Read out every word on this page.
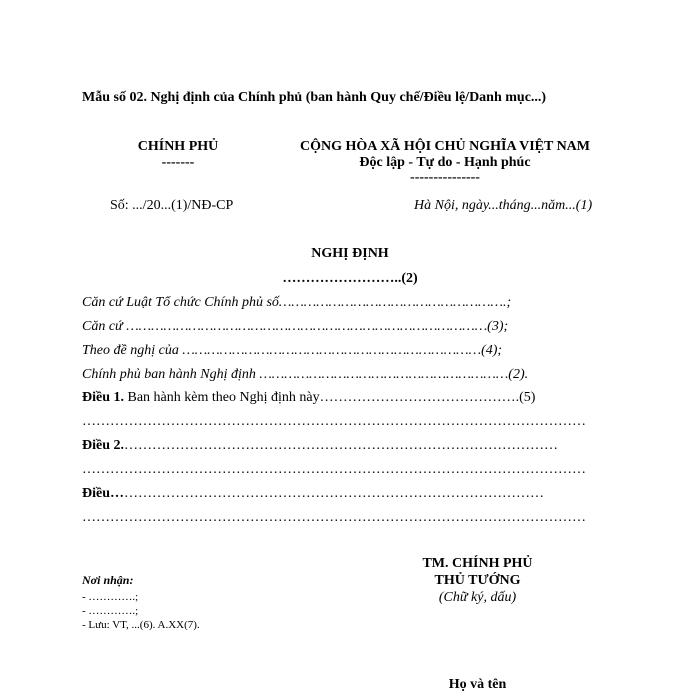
Mẫu số 02. Nghị định của Chính phủ (ban hành Quy chế/Điều lệ/Danh mục...)
CHÍNH PHỦ
-------
CỘNG HÒA XÃ HỘI CHỦ NGHĨA VIỆT NAM
Độc lập - Tự do - Hạnh phúc
---------------
Số: .../20...(1)/NĐ-CP	Hà Nội, ngày...tháng...năm...(1)
NGHỊ ĐỊNH
……………………..(2)
Căn cứ Luật Tổ chức Chính phủ số……………………………………………….;
Căn cứ ……………………………………………………………………………(3);
Theo đề nghị của ………………………………………………………………(4);
Chính phủ ban hành Nghị định ……………………………………………………(2).
Điều 1. Ban hành kèm theo Nghị định này…………………………………….(5)
………………………………………………………………………………………………
Điều 2.…………………………………………………………………………………
………………………………………………………………………………………………
Điều…………………………………………………………………………………
………………………………………………………………………………………………
TM. CHÍNH PHỦ
THỦ TƯỚNG
(Chữ ký, dấu)
Nơi nhận:
- ………….;
- ………….;
- Lưu: VT, ...(6). A.XX(7).
Họ và tên
